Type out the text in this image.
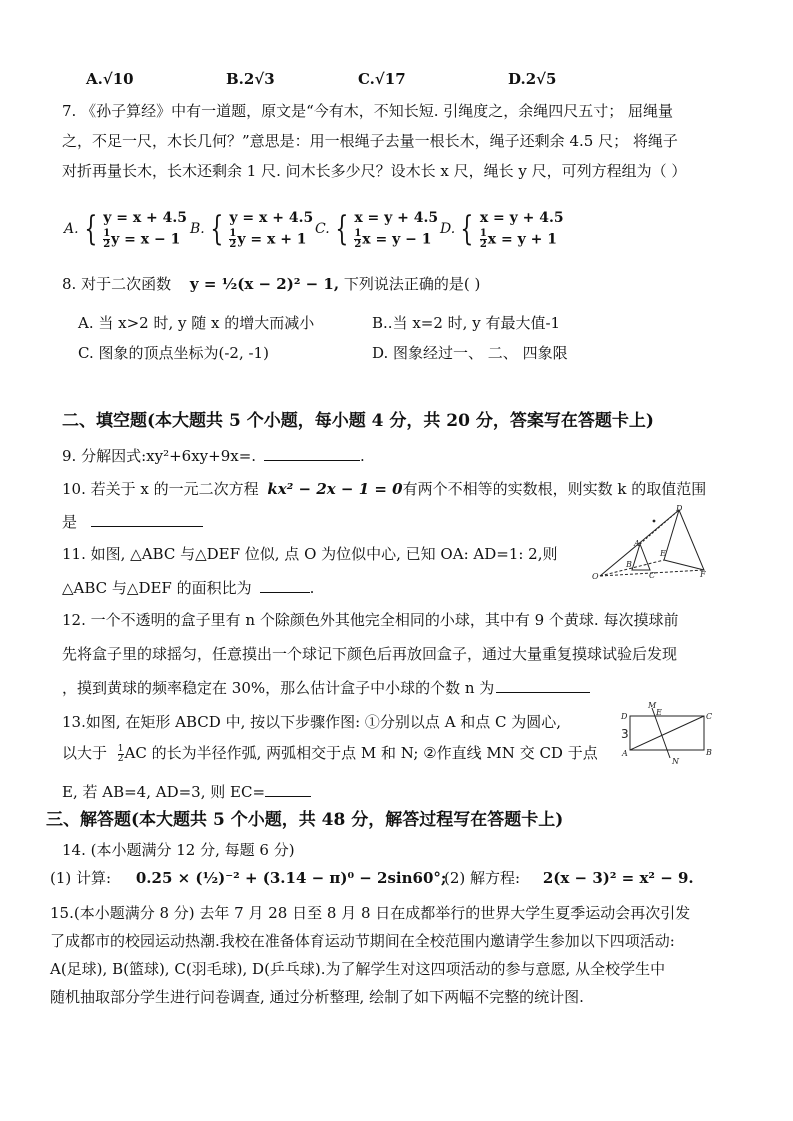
A.√10	B.2√3	C.√17	D.2√5
7. 《孙子算经》中有一道题，原文是“今有木，不知长短. 引绳度之，余绳四尺五寸； 屈绳量
之，不足一尺，木长几何？”意思是：用一根绳子去量一根长木，绳子还剩余 4.5 尺； 将绳子
对折再量长木，长木还剩余 1 尺. 问木长多少尺？设木长 x 尺，绳长 y 尺，可列方程组为（ ）
A. { y = x + 4.5
$\frac{1}{2}$ y = x − 1
B. { y = x + 4.5
$\frac{1}{2}$ y = x + 1
C. { x = y + 4.5
$\frac{1}{2}$ x = y − 1
D. { x = y + 4.5
$\frac{1}{2}$ x = y + 1
8. 对于二次函数 y = ½(x − 2)² − 1, 下列说法正确的是( )
A. 当 x>2 时, y 随 x 的增大而减小	B..当 x=2 时, y 有最大值-1
C. 图象的顶点坐标为(-2, -1)	D. 图象经过一、 二、 四象限
二、填空题(本大题共 5 个小题，每小题 4 分，共 20 分，答案写在答题卡上)
9. 分解因式:xy²+6xy+9x=.	.
10. 若关于 x 的一元二次方程 kx² − 2x − 1 = 0有两个不相等的实数根，则实数 k 的取值范围
是
11. 如图, △ABC 与△DEF 位似, 点 O 为位似中心, 已知 OA: AD=1: 2,则
△ABC 与△DEF 的面积比为	.
O
A
B
C
D
E
F
12. 一个不透明的盒子里有 n 个除颜色外其他完全相同的小球，其中有 9 个黄球. 每次摸球前
先将盒子里的球摇匀，任意摸出一个球记下颜色后再放回盒子，通过大量重复摸球试验后发现
，摸到黄球的频率稳定在 30%，那么估计盒子中小球的个数 n 为
13.如图, 在矩形 ABCD 中, 按以下步骤作图: ①分别以点 A 和点 C 为圆心,
以大于 $\frac{1}{2}$ AC 的长为半径作弧, 两弧相交于点 M 和 N; ②作直线 MN 交 CD 于点
E, 若 AB=4, AD=3, 则 EC=
D
M
E	C
A	B
N
3
三、解答题(本大题共 5 个小题，共 48 分，解答过程写在答题卡上)
14. (本小题满分 12 分, 每题 6 分)
(1) 计算: 0.25 × (½)⁻² + (3.14 − π)⁰ − 2sin60°;
(2) 解方程: 2(x − 3)² = x² − 9.
15.(本小题满分 8 分) 去年 7 月 28 日至 8 月 8 日在成都举行的世界大学生夏季运动会再次引发
了成都市的校园运动热潮.我校在准备体育运动节期间在全校范围内邀请学生参加以下四项活动:
A(足球), B(篮球), C(羽毛球), D(乒乓球).为了解学生对这四项活动的参与意愿, 从全校学生中
随机抽取部分学生进行问卷调查, 通过分析整理, 绘制了如下两幅不完整的统计图.
